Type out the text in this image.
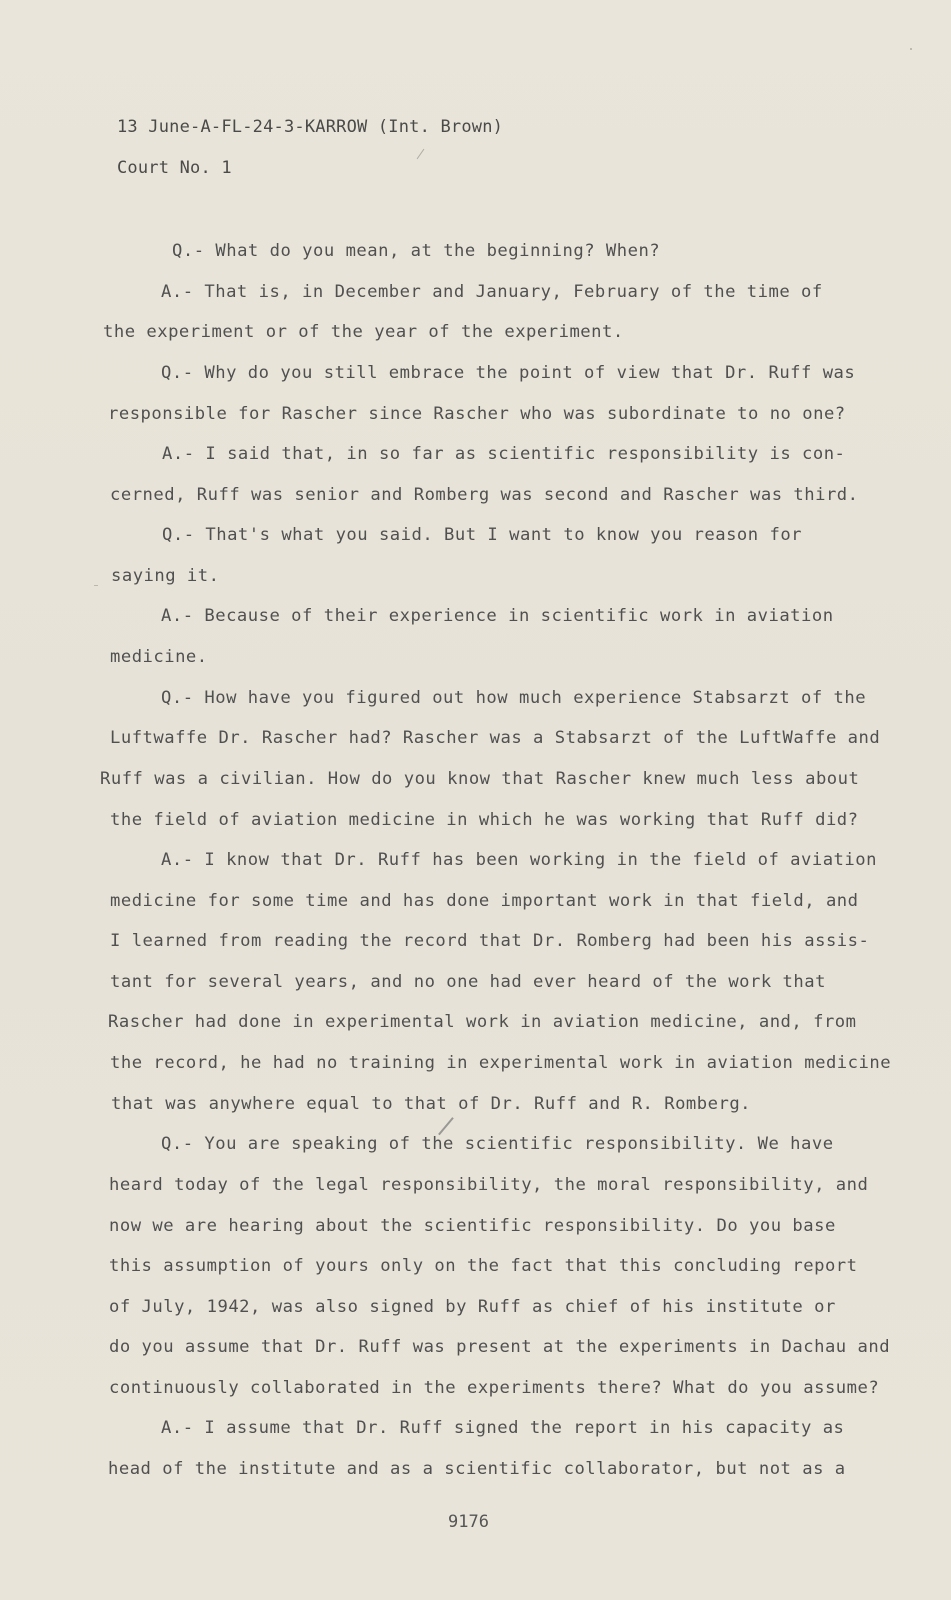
13 June-A-FL-24-3-KARROW (Int. Brown)
Court No. 1
Q.- What do you mean, at the beginning? When?
A.- That is, in December and January, February of the time of
the experiment or of the year of the experiment.
Q.- Why do you still embrace the point of view that Dr. Ruff was
responsible for Rascher since Rascher who was subordinate to no one?
A.- I said that, in so far as scientific responsibility is con-
cerned, Ruff was senior and Romberg was second and Rascher was third.
Q.- That's what you said. But I want to know you reason for
saying it.
A.- Because of their experience in scientific work in aviation
medicine.
Q.- How have you figured out how much experience Stabsarzt of the
Luftwaffe Dr. Rascher had? Rascher was a Stabsarzt of the LuftWaffe and
Ruff was a civilian. How do you know that Rascher knew much less about
the field of aviation medicine in which he was working that Ruff did?
A.- I know that Dr. Ruff has been working in the field of aviation
medicine for some time and has done important work in that field, and
I learned from reading the record that Dr. Romberg had been his assis-
tant for several years, and no one had ever heard of the work that
Rascher had done in experimental work in aviation medicine, and, from
the record, he had no training in experimental work in aviation medicine
that was anywhere equal to that of Dr. Ruff and R. Romberg.
Q.- You are speaking of the scientific responsibility. We have
heard today of the legal responsibility, the moral responsibility, and
now we are hearing about the scientific responsibility. Do you base
this assumption of yours only on the fact that this concluding report
of July, 1942, was also signed by Ruff as chief of his institute or
do you assume that Dr. Ruff was present at the experiments in Dachau and
continuously collaborated in the experiments there? What do you assume?
A.- I assume that Dr. Ruff signed the report in his capacity as
head of the institute and as a scientific collaborator, but not as a
9176
